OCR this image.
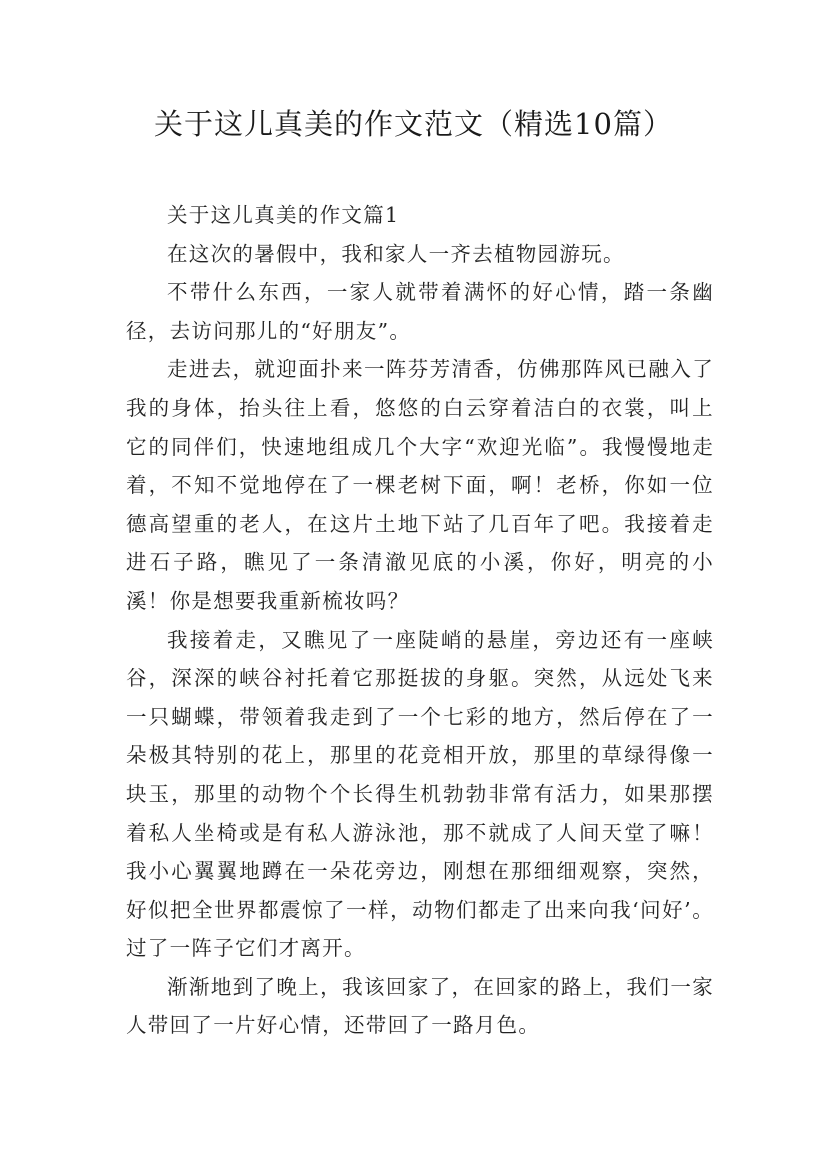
关于这儿真美的作文范文（精选10篇）

关于这儿真美的作文篇1

在这次的暑假中，我和家人一齐去植物园游玩。

不带什么东西，一家人就带着满怀的好心情，踏一条幽径，去访问那儿的“好朋友”。

走进去，就迎面扑来一阵芬芳清香，仿佛那阵风已融入了我的身体，抬头往上看，悠悠的白云穿着洁白的衣裳，叫上它的同伴们，快速地组成几个大字“欢迎光临”。我慢慢地走着，不知不觉地停在了一棵老树下面，啊！老桥，你如一位德高望重的老人，在这片土地下站了几百年了吧。我接着走进石子路，瞧见了一条清澈见底的小溪，你好，明亮的小溪！你是想要我重新梳妆吗？

我接着走，又瞧见了一座陡峭的悬崖，旁边还有一座峡谷，深深的峡谷衬托着它那挺拔的身躯。突然，从远处飞来一只蝴蝶，带领着我走到了一个七彩的地方，然后停在了一朵极其特别的花上，那里的花竞相开放，那里的草绿得像一块玉，那里的动物个个长得生机勃勃非常有活力，如果那摆着私人坐椅或是有私人游泳池，那不就成了人间天堂了嘛！我小心翼翼地蹲在一朵花旁边，刚想在那细细观察，突然，好似把全世界都震惊了一样，动物们都走了出来向我‘问好’。过了一阵子它们才离开。

渐渐地到了晚上，我该回家了，在回家的路上，我们一家人带回了一片好心情，还带回了一路月色。
